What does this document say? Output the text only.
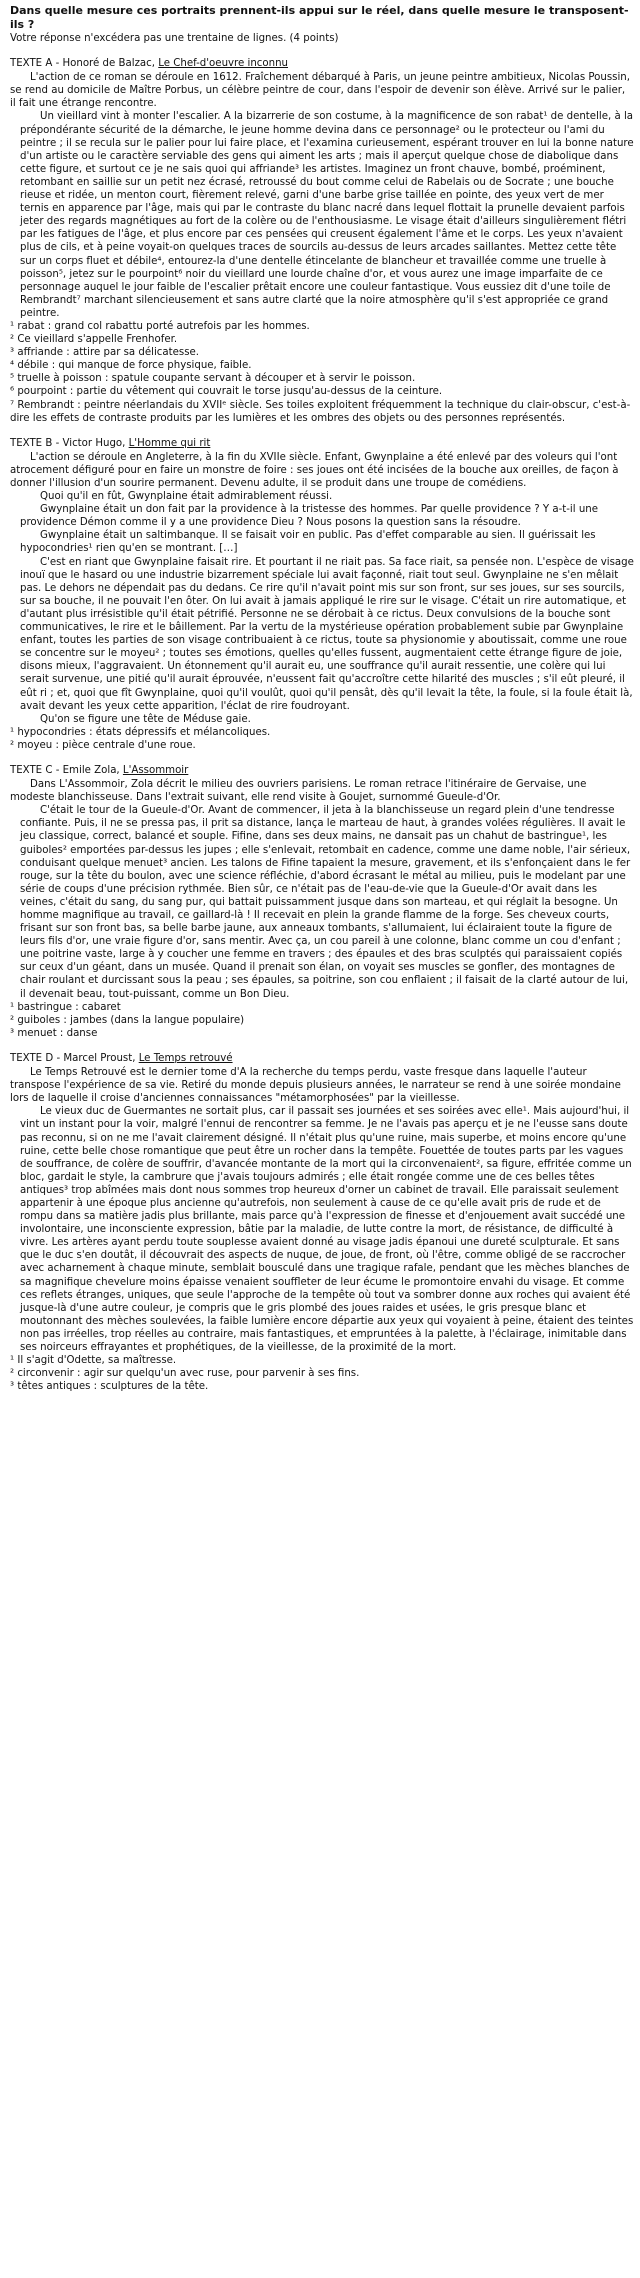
Dans quelle mesure ces portraits prennent-ils appui sur le réel, dans quelle mesure le transposent-ils ?
Votre réponse n'excédera pas une trentaine de lignes. (4 points)
TEXTE A - Honoré de Balzac, Le Chef-d'oeuvre inconnu

L'action de ce roman se déroule en 1612. Fraîchement débarqué à Paris, un jeune peintre ambitieux, Nicolas Poussin, se rend au domicile de Maître Porbus, un célèbre peintre de cour, dans l'espoir de devenir son élève. Arrivé sur le palier, il fait une étrange rencontre.

Un vieillard vint à monter l'escalier. A la bizarrerie de son costume, à la magnificence de son rabat¹ de dentelle, à la prépondérante sécurité de la démarche, le jeune homme devina dans ce personnage² ou le protecteur ou l'ami du peintre ; il se recula sur le palier pour lui faire place, et l'examina curieusement, espérant trouver en lui la bonne nature d'un artiste ou le caractère serviable des gens qui aiment les arts ; mais il aperçut quelque chose de diabolique dans cette figure, et surtout ce je ne sais quoi qui affriande³ les artistes. Imaginez un front chauve, bombé, proéminent, retombant en saillie sur un petit nez écrasé, retroussé du bout comme celui de Rabelais ou de Socrate ; une bouche rieuse et ridée, un menton court, fièrement relevé, garni d'une barbe grise taillée en pointe, des yeux vert de mer ternis en apparence par l'âge, mais qui par le contraste du blanc nacré dans lequel flottait la prunelle devaient parfois jeter des regards magnétiques au fort de la colère ou de l'enthousiasme. Le visage était d'ailleurs singulièrement flétri par les fatigues de l'âge, et plus encore par ces pensées qui creusent également l'âme et le corps. Les yeux n'avaient plus de cils, et à peine voyait-on quelques traces de sourcils au-dessus de leurs arcades saillantes. Mettez cette tête sur un corps fluet et débile⁴, entourez-la d'une dentelle étincelante de blancheur et travaillée comme une truelle à poisson⁵, jetez sur le pourpoint⁶ noir du vieillard une lourde chaîne d'or, et vous aurez une image imparfaite de ce personnage auquel le jour faible de l'escalier prêtait encore une couleur fantastique. Vous eussiez dit d'une toile de Rembrandt⁷ marchant silencieusement et sans autre clarté que la noire atmosphère qu'il s'est appropriée ce grand peintre.

¹ rabat : grand col rabattu porté autrefois par les hommes.
² Ce vieillard s'appelle Frenhofer.
³ affriande : attire par sa délicatesse.
⁴ débile : qui manque de force physique, faible.
⁵ truelle à poisson : spatule coupante servant à découper et à servir le poisson.
⁶ pourpoint : partie du vêtement qui couvrait le torse jusqu'au-dessus de la ceinture.
⁷ Rembrandt : peintre néerlandais du XVIIᵉ siècle. Ses toiles exploitent fréquemment la technique du clair-obscur, c'est-à-dire les effets de contraste produits par les lumières et les ombres des objets ou des personnes représentés.
TEXTE B - Victor Hugo, L'Homme qui rit

L'action se déroule en Angleterre, à la fin du XVIIe siècle. Enfant, Gwynplaine a été enlevé par des voleurs qui l'ont atrocement défiguré pour en faire un monstre de foire : ses joues ont été incisées de la bouche aux oreilles, de façon à donner l'illusion d'un sourire permanent. Devenu adulte, il se produit dans une troupe de comédiens.

Quoi qu'il en fût, Gwynplaine était admirablement réussi.

Gwynplaine était un don fait par la providence à la tristesse des hommes. Par quelle providence ? Y a-t-il une providence Démon comme il y a une providence Dieu ? Nous posons la question sans la résoudre.

Gwynplaine était un saltimbanque. Il se faisait voir en public. Pas d'effet comparable au sien. Il guérissait les hypocondries¹ rien qu'en se montrant. […]

C'est en riant que Gwynplaine faisait rire. Et pourtant il ne riait pas. Sa face riait, sa pensée non. L'espèce de visage inouï que le hasard ou une industrie bizarrement spéciale lui avait façonné, riait tout seul. Gwynplaine ne s'en mêlait pas. Le dehors ne dépendait pas du dedans. Ce rire qu'il n'avait point mis sur son front, sur ses joues, sur ses sourcils, sur sa bouche, il ne pouvait l'en ôter. On lui avait à jamais appliqué le rire sur le visage. C'était un rire automatique, et d'autant plus irrésistible qu'il était pétrifié. Personne ne se dérobait à ce rictus. Deux convulsions de la bouche sont communicatives, le rire et le bâillement. Par la vertu de la mystérieuse opération probablement subie par Gwynplaine enfant, toutes les parties de son visage contribuaient à ce rictus, toute sa physionomie y aboutissait, comme une roue se concentre sur le moyeu² ; toutes ses émotions, quelles qu'elles fussent, augmentaient cette étrange figure de joie, disons mieux, l'aggravaient. Un étonnement qu'il aurait eu, une souffrance qu'il aurait ressentie, une colère qui lui serait survenue, une pitié qu'il aurait éprouvée, n'eussent fait qu'accroître cette hilarité des muscles ; s'il eût pleuré, il eût ri ; et, quoi que fît Gwynplaine, quoi qu'il voulût, quoi qu'il pensât, dès qu'il levait la tête, la foule, si la foule était là, avait devant les yeux cette apparition, l'éclat de rire foudroyant.

Qu'on se figure une tête de Méduse gaie.

¹ hypocondries : états dépressifs et mélancoliques.
² moyeu : pièce centrale d'une roue.
TEXTE C - Emile Zola, L'Assommoir

Dans L'Assommoir, Zola décrit le milieu des ouvriers parisiens. Le roman retrace l'itinéraire de Gervaise, une modeste blanchisseuse. Dans l'extrait suivant, elle rend visite à Goujet, surnommé Gueule-d'Or.

C'était le tour de la Gueule-d'Or. Avant de commencer, il jeta à la blanchisseuse un regard plein d'une tendresse confiante. Puis, il ne se pressa pas, il prit sa distance, lança le marteau de haut, à grandes volées régulières. Il avait le jeu classique, correct, balancé et souple. Fifine, dans ses deux mains, ne dansait pas un chahut de bastringue¹, les guiboles² emportées par-dessus les jupes ; elle s'enlevait, retombait en cadence, comme une dame noble, l'air sérieux, conduisant quelque menuet³ ancien. Les talons de Fifine tapaient la mesure, gravement, et ils s'enfonçaient dans le fer rouge, sur la tête du boulon, avec une science réfléchie, d'abord écrasant le métal au milieu, puis le modelant par une série de coups d'une précision rythmée. Bien sûr, ce n'était pas de l'eau-de-vie que la Gueule-d'Or avait dans les veines, c'était du sang, du sang pur, qui battait puissamment jusque dans son marteau, et qui réglait la besogne. Un homme magnifique au travail, ce gaillard-là ! Il recevait en plein la grande flamme de la forge. Ses cheveux courts, frisant sur son front bas, sa belle barbe jaune, aux anneaux tombants, s'allumaient, lui éclairaient toute la figure de leurs fils d'or, une vraie figure d'or, sans mentir. Avec ça, un cou pareil à une colonne, blanc comme un cou d'enfant ; une poitrine vaste, large à y coucher une femme en travers ; des épaules et des bras sculptés qui paraissaient copiés sur ceux d'un géant, dans un musée. Quand il prenait son élan, on voyait ses muscles se gonfler, des montagnes de chair roulant et durcissant sous la peau ; ses épaules, sa poitrine, son cou enflaient ; il faisait de la clarté autour de lui, il devenait beau, tout-puissant, comme un Bon Dieu.

¹ bastringue : cabaret
² guiboles : jambes (dans la langue populaire)
³ menuet : danse
TEXTE D - Marcel Proust, Le Temps retrouvé

Le Temps Retrouvé est le dernier tome d'A la recherche du temps perdu, vaste fresque dans laquelle l'auteur transpose l'expérience de sa vie. Retiré du monde depuis plusieurs années, le narrateur se rend à une soirée mondaine lors de laquelle il croise d'anciennes connaissances "métamorphosées" par la vieillesse.

Le vieux duc de Guermantes ne sortait plus, car il passait ses journées et ses soirées avec elle¹. Mais aujourd'hui, il vint un instant pour la voir, malgré l'ennui de rencontrer sa femme. Je ne l'avais pas aperçu et je ne l'eusse sans doute pas reconnu, si on ne me l'avait clairement désigné. Il n'était plus qu'une ruine, mais superbe, et moins encore qu'une ruine, cette belle chose romantique que peut être un rocher dans la tempête. Fouettée de toutes parts par les vagues de souffrance, de colère de souffrir, d'avancée montante de la mort qui la circonvenaient², sa figure, effritée comme un bloc, gardait le style, la cambrure que j'avais toujours admirés ; elle était rongée comme une de ces belles têtes antiques³ trop abîmées mais dont nous sommes trop heureux d'orner un cabinet de travail. Elle paraissait seulement appartenir à une époque plus ancienne qu'autrefois, non seulement à cause de ce qu'elle avait pris de rude et de rompu dans sa matière jadis plus brillante, mais parce qu'à l'expression de finesse et d'enjouement avait succédé une involontaire, une inconsciente expression, bâtie par la maladie, de lutte contre la mort, de résistance, de difficulté à vivre. Les artères ayant perdu toute souplesse avaient donné au visage jadis épanoui une dureté sculpturale. Et sans que le duc s'en doutât, il découvrait des aspects de nuque, de joue, de front, où l'être, comme obligé de se raccrocher avec acharnement à chaque minute, semblait bousculé dans une tragique rafale, pendant que les mèches blanches de sa magnifique chevelure moins épaisse venaient souffleter de leur écume le promontoire envahi du visage. Et comme ces reflets étranges, uniques, que seule l'approche de la tempête où tout va sombrer donne aux roches qui avaient été jusque-là d'une autre couleur, je compris que le gris plombé des joues raides et usées, le gris presque blanc et moutonnant des mèches soulevées, la faible lumière encore départie aux yeux qui voyaient à peine, étaient des teintes non pas irréelles, trop réelles au contraire, mais fantastiques, et empruntées à la palette, à l'éclairage, inimitable dans ses noirceurs effrayantes et prophétiques, de la vieillesse, de la proximité de la mort.

¹ Il s'agit d'Odette, sa maîtresse.
² circonvenir : agir sur quelqu'un avec ruse, pour parvenir à ses fins.
³ têtes antiques : sculptures de la tête.
